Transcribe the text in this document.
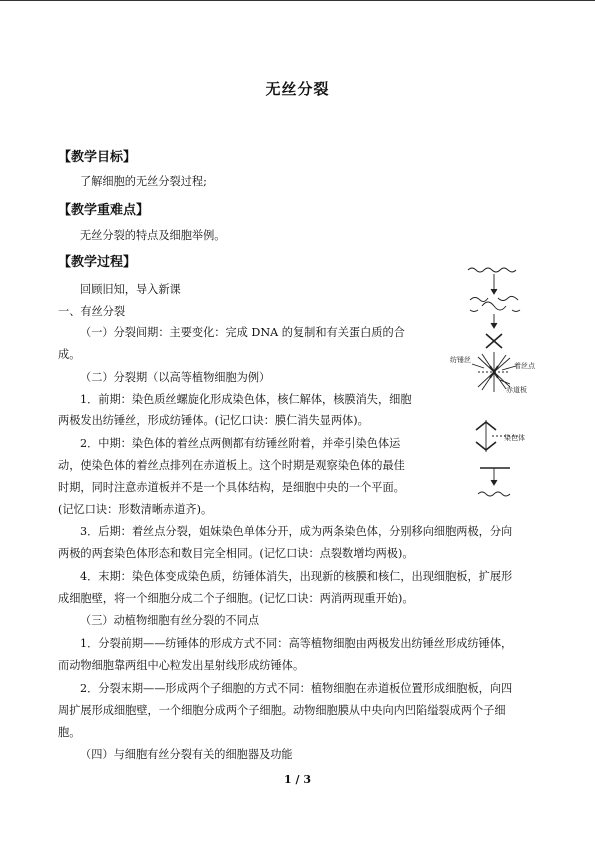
无丝分裂
【教学目标】
了解细胞的无丝分裂过程;
【教学重难点】
无丝分裂的特点及细胞举例。
【教学过程】
回顾旧知，导入新课
一、有丝分裂
（一）分裂间期：主要变化：完成 DNA 的复制和有关蛋白质的合
成。
（二）分裂期（以高等植物细胞为例）
1．前期：染色质丝螺旋化形成染色体，核仁解体，核膜消失，细胞
两极发出纺锤丝，形成纺锤体。(记忆口诀：膜仁消失显两体)。
2．中期：染色体的着丝点两侧都有纺锤丝附着，并牵引染色体运
动，使染色体的着丝点排列在赤道板上。这个时期是观察染色体的最佳
时期，同时注意赤道板并不是一个具体结构，是细胞中央的一个平面。
(记忆口诀：形数清晰赤道齐)。
3．后期：着丝点分裂，姐妹染色单体分开，成为两条染色体，分别移向细胞两极，分向
两极的两套染色体形态和数目完全相同。(记忆口诀：点裂数增均两极)。
4．末期：染色体变成染色质，纺锤体消失，出现新的核膜和核仁，出现细胞板，扩展形
成细胞壁，将一个细胞分成二个子细胞。(记忆口诀：两消两现重开始)。
（三）动植物细胞有丝分裂的不同点
1．分裂前期——纺锤体的形成方式不同：高等植物细胞由两极发出纺锤丝形成纺锤体，
而动物细胞靠两组中心粒发出星射线形成纺锤体。
2．分裂末期——形成两个子细胞的方式不同：植物细胞在赤道板位置形成细胞板，向四
周扩展形成细胞壁，一个细胞分成两个子细胞。动物细胞膜从中央向内凹陷缢裂成两个子细
胞。
（四）与细胞有丝分裂有关的细胞器及功能
纺锤丝
着丝点
赤道板
染色体
1 / 3
